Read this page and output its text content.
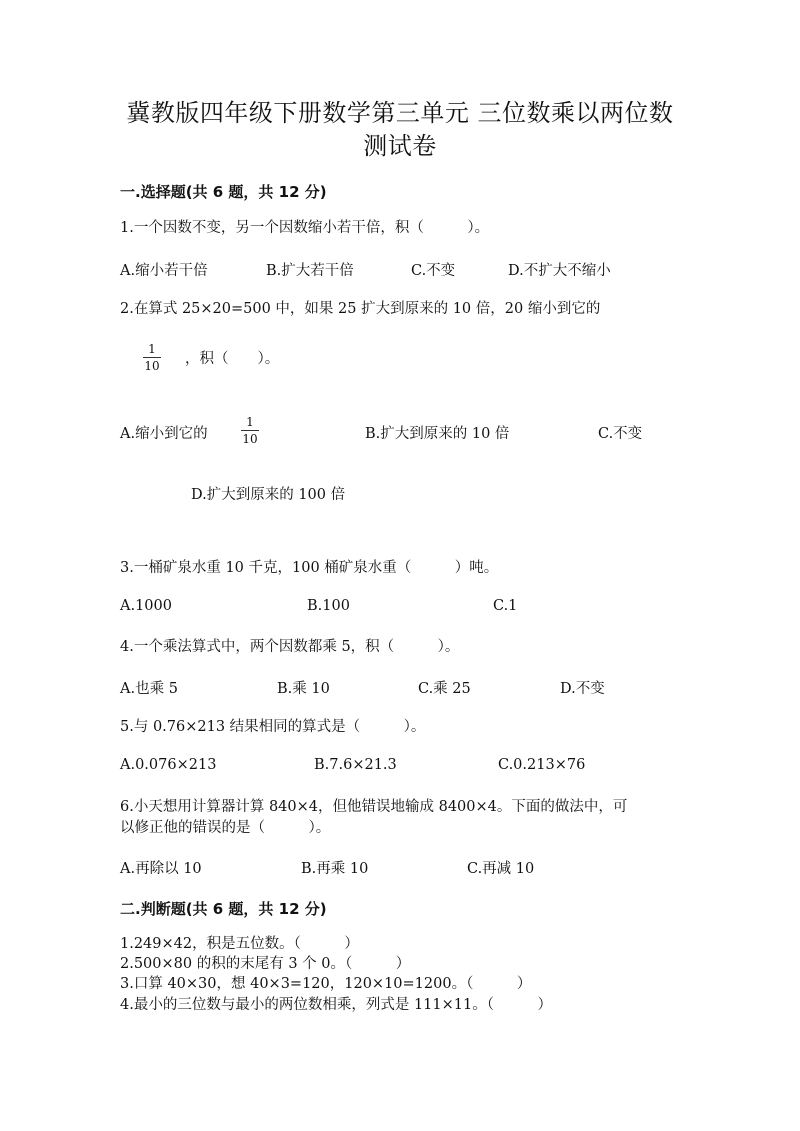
冀教版四年级下册数学第三单元 三位数乘以两位数
测试卷
一.选择题(共 6 题，共 12 分)
1.一个因数不变，另一个因数缩小若干倍，积（　　　）。
A.缩小若干倍	B.扩大若干倍	C.不变	D.不扩大不缩小
2.在算式 25×20=500 中，如果 25 扩大到原来的 10 倍，20 缩小到它的
1
10 ，积（　　）。
A.缩小到它的
1
10	B.扩大到原来的 10 倍	C.不变
D.扩大到原来的 100 倍
3.一桶矿泉水重 10 千克，100 桶矿泉水重（　　　）吨。
A.1000	B.100	C.1
4.一个乘法算式中，两个因数都乘 5，积（　　　）。
A.也乘 5	B.乘 10	C.乘 25	D.不变
5.与 0.76×213 结果相同的算式是（　　　）。
A.0.076×213	B.7.6×21.3	C.0.213×76
6.小天想用计算器计算 840×4，但他错误地输成 8400×4。下面的做法中，可
以修正他的错误的是（　　　）。
A.再除以 10	B.再乘 10	C.再减 10
二.判断题(共 6 题，共 12 分)
1.249×42，积是五位数。（　　　）
2.500×80 的积的末尾有 3 个 0。（　　　）
3.口算 40×30，想 40×3=120，120×10=1200。（　　　）
4.最小的三位数与最小的两位数相乘，列式是 111×11。（　　　）
